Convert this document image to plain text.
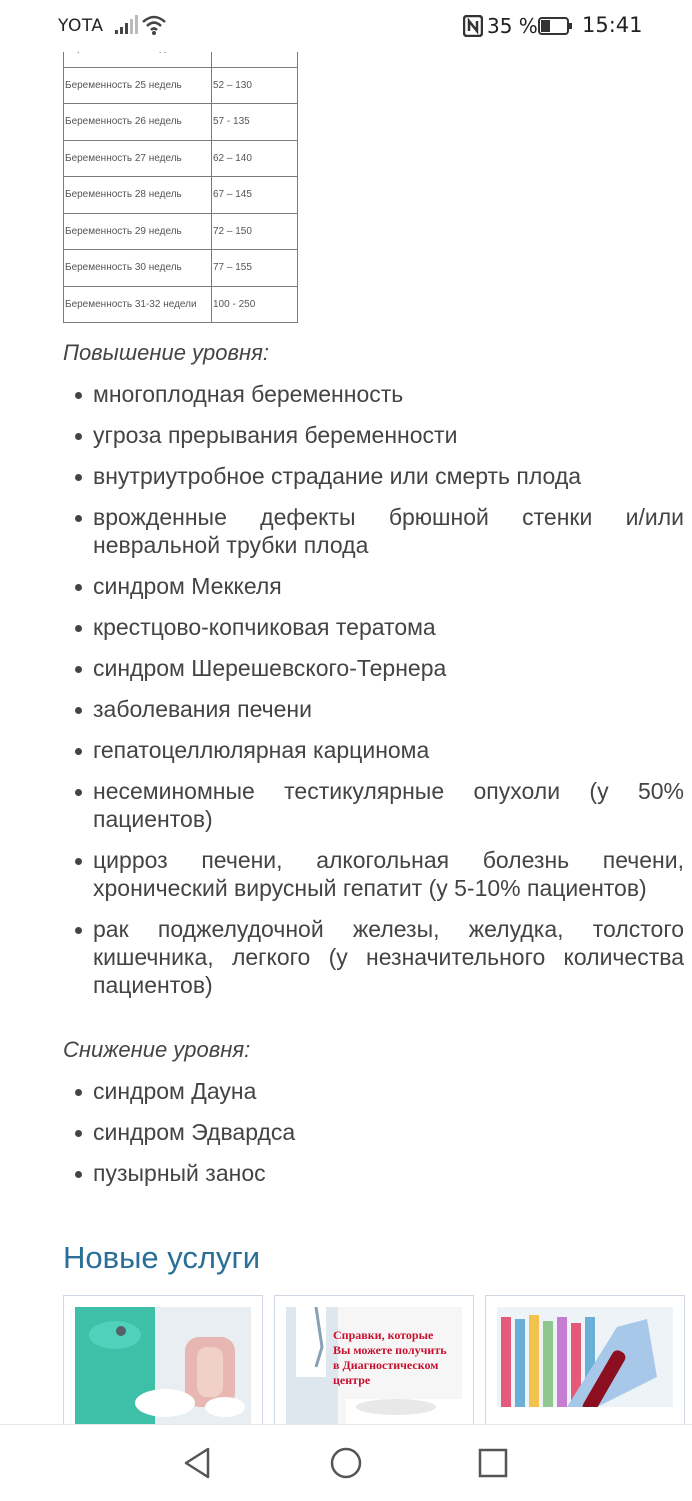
Беременность 25 недель	52 – 130
Беременность 26 недель	57 - 135
Беременность 27 недель	62 – 140
Беременность 28 недель	67 – 145
Беременность 29 недель	72 – 150
Беременность 30 недель	77 – 155
Беременность 31-32 недели	100 - 250

Повышение уровня:

многоплодная беременность
угроза прерывания беременности
внутриутробное страдание или смерть плода
врожденные дефекты брюшной стенки и/или невральной трубки плода
синдром Меккеля
крестцово-копчиковая тератома
синдром Шерешевского-Тернера
заболевания печени
гепатоцеллюлярная карцинома
несеминомные тестикулярные опухоли (у 50% пациентов)
цирроз печени, алкогольная болезнь печени, хронический вирусный гепатит (у 5-10% пациентов)
рак поджелудочной железы, желудка, толстого кишечника, легкого (у незначительного количества пациентов)

Снижение уровня:

синдром Дауна
синдром Эдвардса
пузырный занос
Новые услуги
Справки, которые Вы можете получить в Диагностическом центре
YOTA	35 % 15:41
